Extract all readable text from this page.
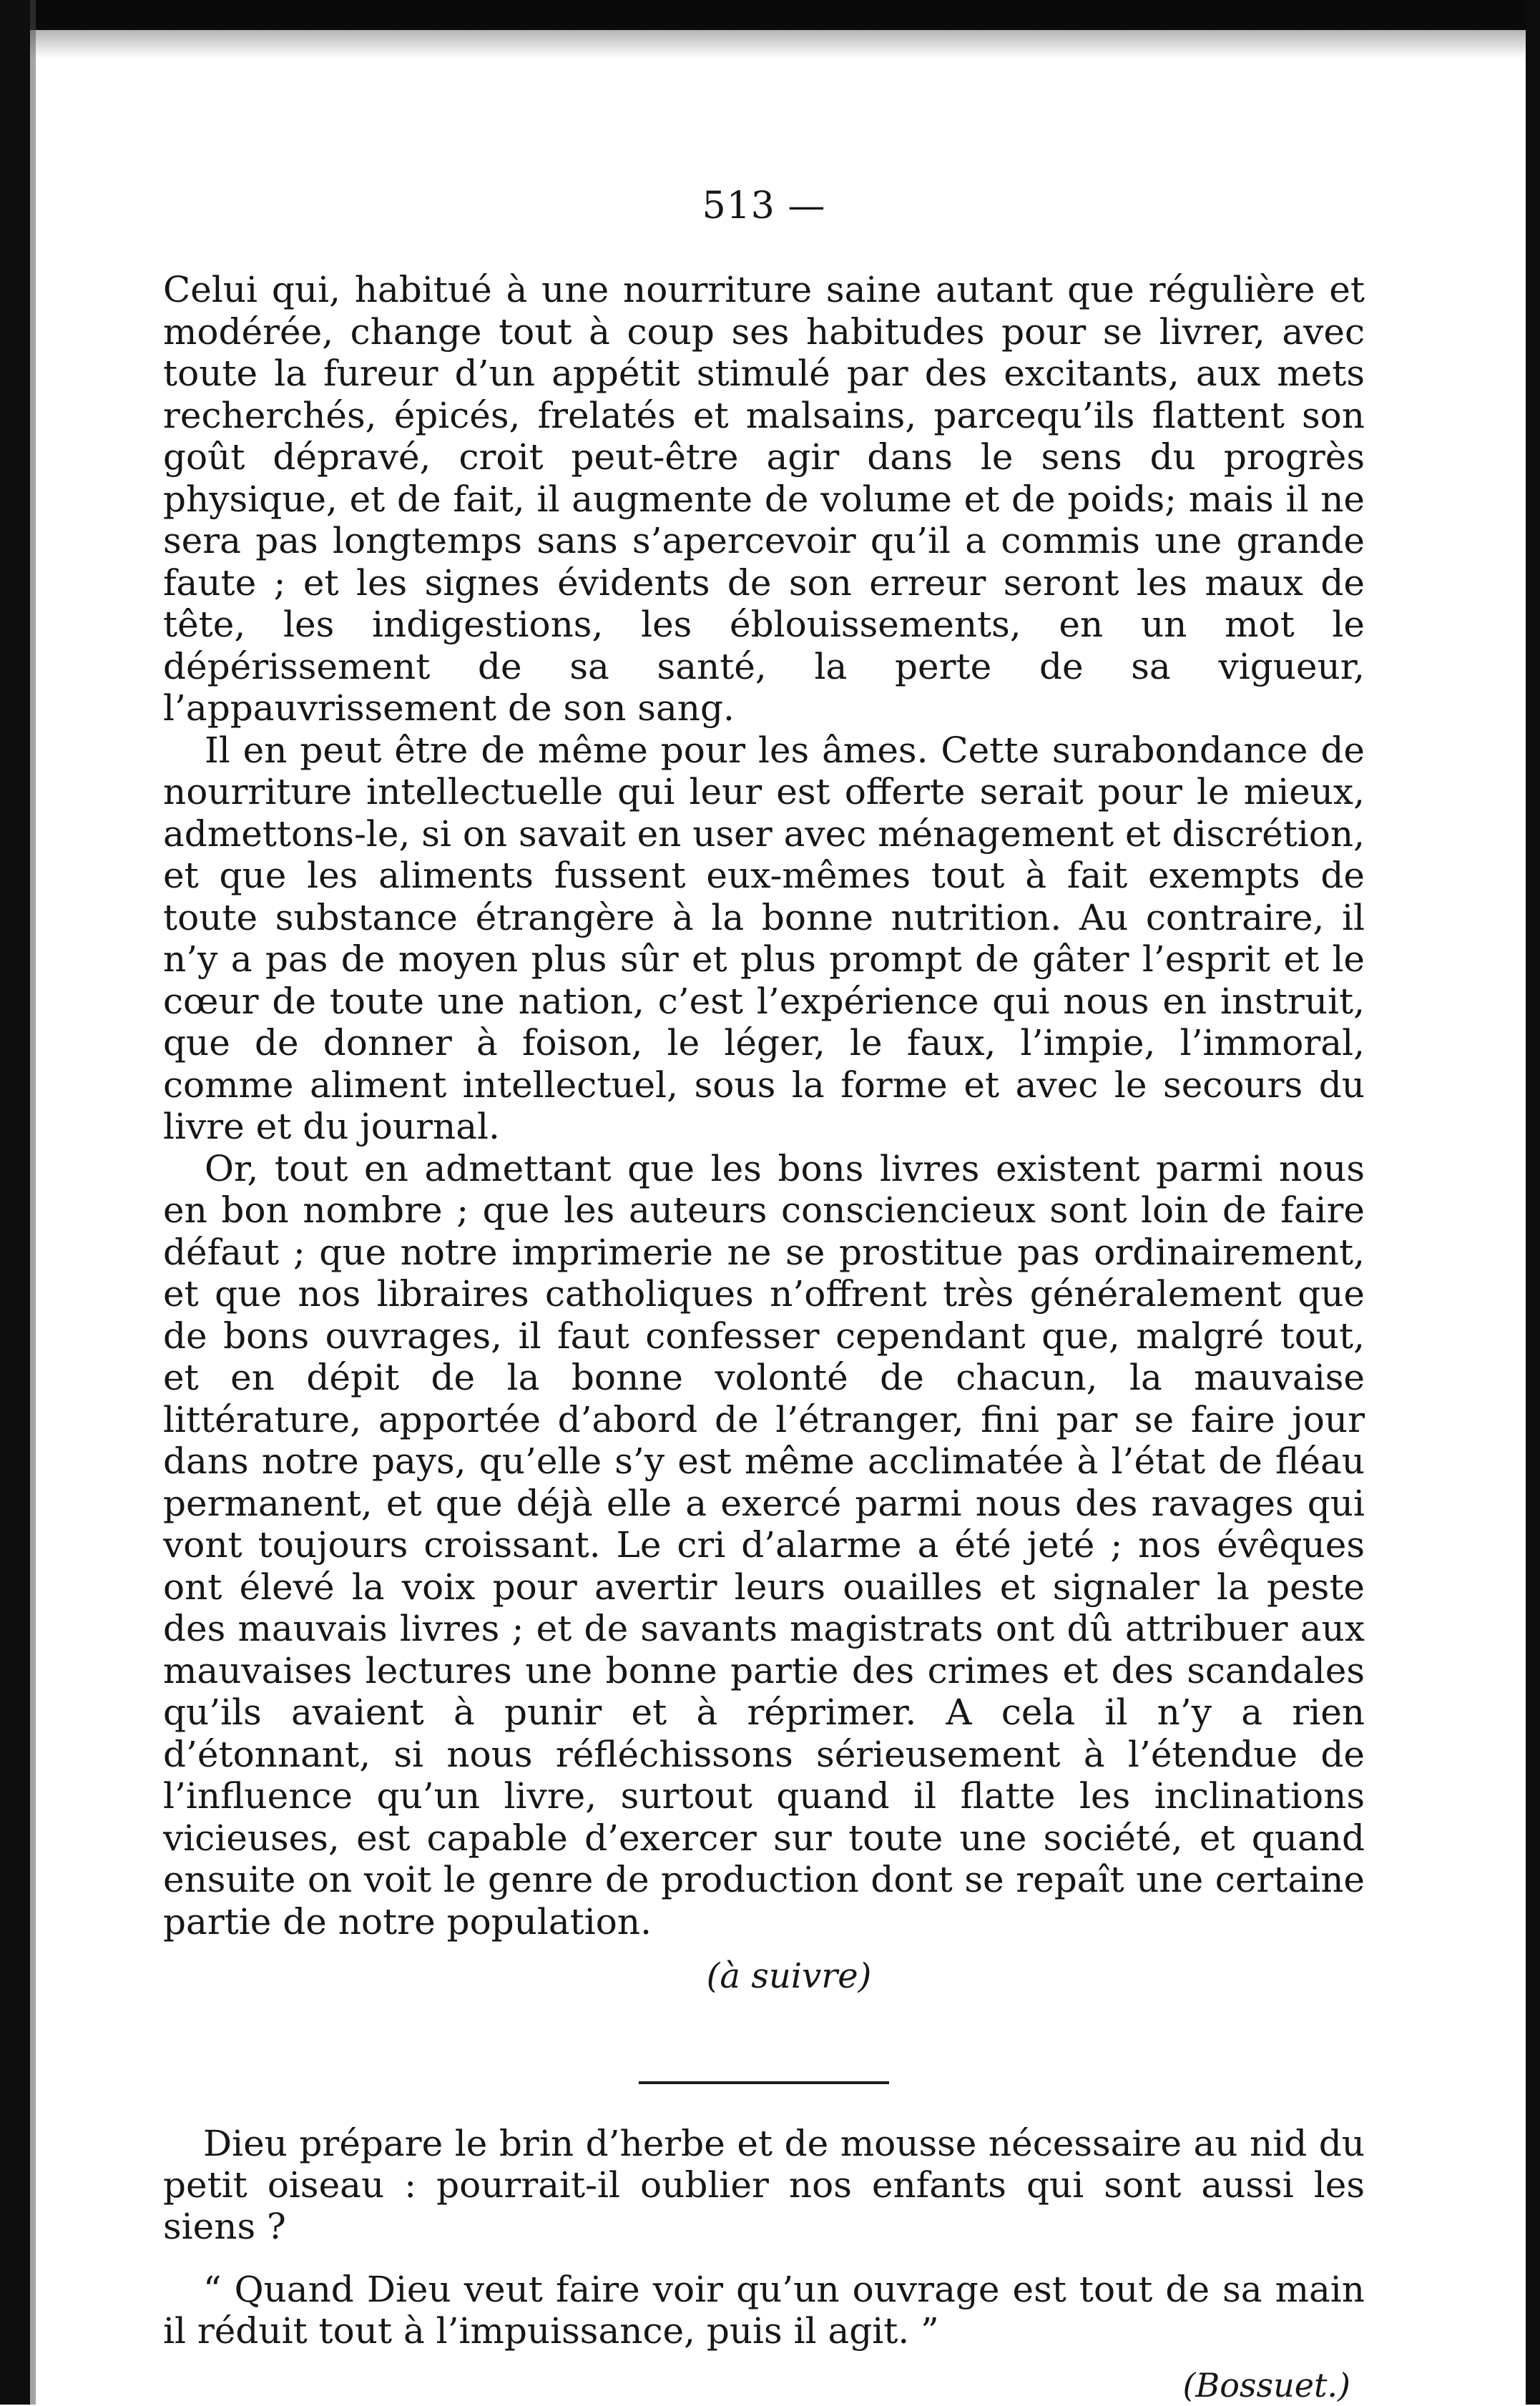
513 —

Celui qui, habitué à une nourriture saine autant que régulière et modérée, change tout à coup ses habitudes pour se livrer, avec toute la fureur d’un appétit stimulé par des excitants, aux mets recherchés, épicés, frelatés et malsains, parcequ’ils flattent son goût dépravé, croit peut-être agir dans le sens du progrès physique, et de fait, il augmente de volume et de poids; mais il ne sera pas longtemps sans s’apercevoir qu’il a commis une grande faute ; et les signes évidents de son erreur seront les maux de tête, les indigestions, les éblouissements, en un mot le dépérissement de sa santé, la perte de sa vigueur, l’appauvrissement de son sang.

Il en peut être de même pour les âmes. Cette surabondance de nourriture intellectuelle qui leur est offerte serait pour le mieux, admettons-le, si on savait en user avec ménagement et discrétion, et que les aliments fussent eux-mêmes tout à fait exempts de toute substance étrangère à la bonne nutrition. Au contraire, il n’y a pas de moyen plus sûr et plus prompt de gâter l’esprit et le cœur de toute une nation, c’est l’expérience qui nous en instruit, que de donner à foison, le léger, le faux, l’impie, l’immoral, comme aliment intellectuel, sous la forme et avec le secours du livre et du journal.

Or, tout en admettant que les bons livres existent parmi nous en bon nombre ; que les auteurs consciencieux sont loin de faire défaut ; que notre imprimerie ne se prostitue pas ordinairement, et que nos libraires catholiques n’offrent très généralement que de bons ouvrages, il faut confesser cependant que, malgré tout, et en dépit de la bonne volonté de chacun, la mauvaise littérature, apportée d’abord de l’étranger, fini par se faire jour dans notre pays, qu’elle s’y est même acclimatée à l’état de fléau permanent, et que déjà elle a exercé parmi nous des ravages qui vont toujours croissant. Le cri d’alarme a été jeté ; nos évêques ont élevé la voix pour avertir leurs ouailles et signaler la peste des mauvais livres ; et de savants magistrats ont dû attribuer aux mauvaises lectures une bonne partie des crimes et des scandales qu’ils avaient à punir et à réprimer. A cela il n’y a rien d’étonnant, si nous réfléchissons sérieusement à l’étendue de l’influence qu’un livre, surtout quand il flatte les inclinations vicieuses, est capable d’exercer sur toute une société, et quand ensuite on voit le genre de production dont se repaît une certaine partie de notre population.

(à suivre)

Dieu prépare le brin d’herbe et de mousse nécessaire au nid du petit oiseau : pourrait-il oublier nos enfants qui sont aussi les siens ?

“ Quand Dieu veut faire voir qu’un ouvrage est tout de sa main il réduit tout à l’impuissance, puis il agit. ”

(Bossuet.)
